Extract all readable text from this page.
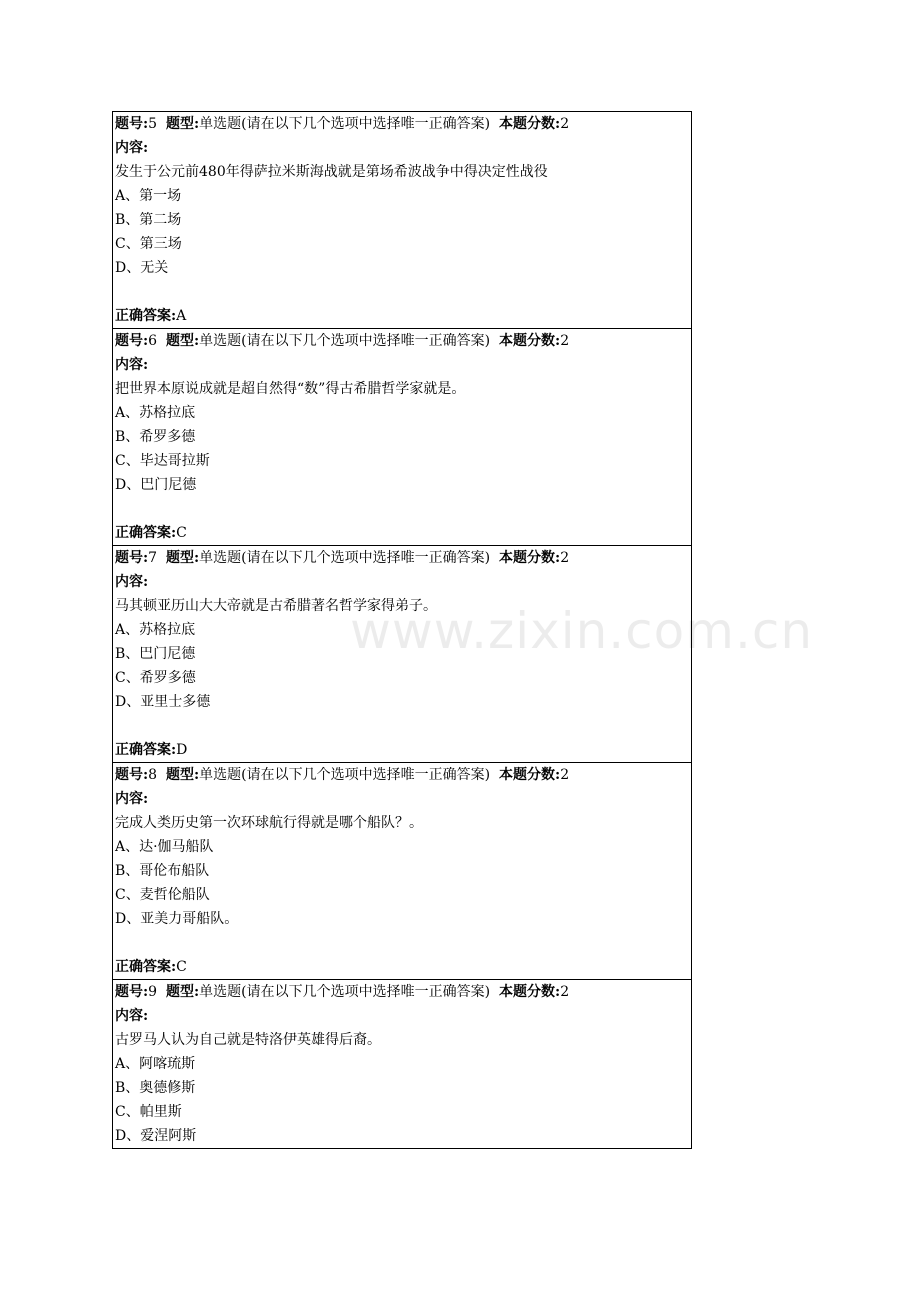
题号:5 题型:单选题(请在以下几个选项中选择唯一正确答案) 本题分数:2
内容:
发生于公元前480年得萨拉米斯海战就是第场希波战争中得决定性战役
A、第一场
B、第二场
C、第三场
D、无关
正确答案:A
题号:6 题型:单选题(请在以下几个选项中选择唯一正确答案) 本题分数:2
内容:
把世界本原说成就是超自然得“数”得古希腊哲学家就是。
A、苏格拉底
B、希罗多德
C、毕达哥拉斯
D、巴门尼德
正确答案:C
题号:7 题型:单选题(请在以下几个选项中选择唯一正确答案) 本题分数:2
内容:
马其顿亚历山大大帝就是古希腊著名哲学家得弟子。
A、苏格拉底
B、巴门尼德
C、希罗多德
D、亚里士多德
正确答案:D
题号:8 题型:单选题(请在以下几个选项中选择唯一正确答案) 本题分数:2
内容:
完成人类历史第一次环球航行得就是哪个船队？。
A、达·伽马船队
B、哥伦布船队
C、麦哲伦船队
D、亚美力哥船队。
正确答案:C
题号:9 题型:单选题(请在以下几个选项中选择唯一正确答案) 本题分数:2
内容:
古罗马人认为自己就是特洛伊英雄得后裔。
A、阿喀琉斯
B、奥德修斯
C、帕里斯
D、爱涅阿斯
www.zixin.com.cn
